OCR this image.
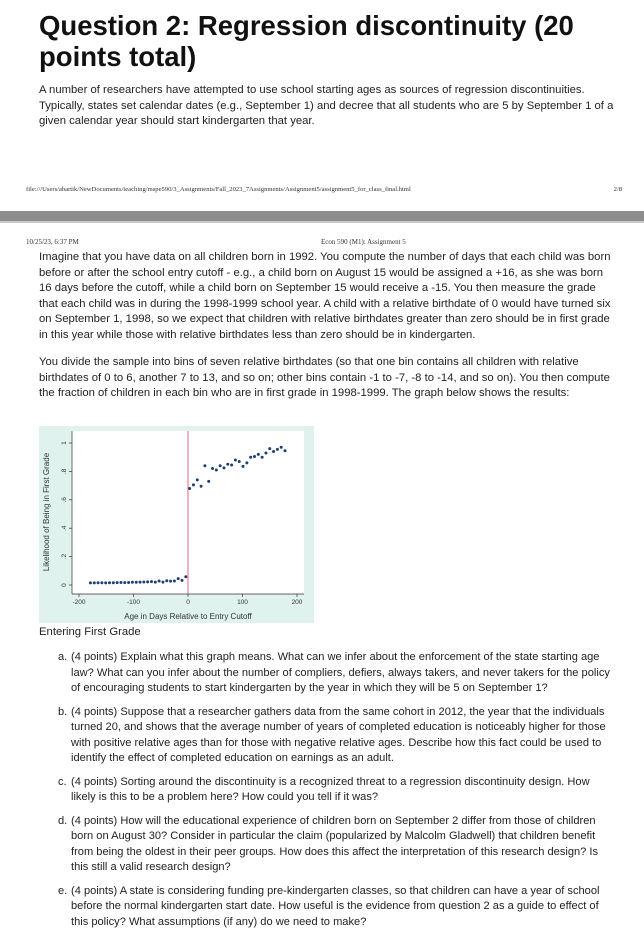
Question 2: Regression discontinuity (20 points total)
A number of researchers have attempted to use school starting ages as sources of regression discontinuities. Typically, states set calendar dates (e.g., September 1) and decree that all students who are 5 by September 1 of a given calendar year should start kindergarten that year.
file:///Users/abartik/NewDocuments/teaching/mspe590/3_Assignments/Fall_2023_7Assignments/Assignment5/assignment5_for_class_final.html	2/8
10/25/23, 6:37 PM	Econ 590 (M1): Assignment 5

Imagine that you have data on all children born in 1992. You compute the number of days that each child was born before or after the school entry cutoff - e.g., a child born on August 15 would be assigned a +16, as she was born 16 days before the cutoff, while a child born on September 15 would receive a -15. You then measure the grade that each child was in during the 1998-1999 school year. A child with a relative birthdate of 0 would have turned six on September 1, 1998, so we expect that children with relative birthdates greater than zero should be in first grade in this year while those with relative birthdates less than zero should be in kindergarten.

You divide the sample into bins of seven relative birthdates (so that one bin contains all children with relative birthdates of 0 to 6, another 7 to 13, and so on; other bins contain -1 to -7, -8 to -14, and so on). You then compute the fraction of children in each bin who are in first grade in 1998-1999. The graph below shows the results:

0
.2
.4
.6
.8
1
-200	-100	0	100	200
Likelihood of Being in First Grade
Age in Days Relative to Entry Cutoff
Entering First Grade
a. (4 points) Explain what this graph means. What can we infer about the enforcement of the state starting age law? What can you infer about the number of compliers, defiers, always takers, and never takers for the policy of encouraging students to start kindergarten by the year in which they will be 5 on September 1?
b. (4 points) Suppose that a researcher gathers data from the same cohort in 2012, the year that the individuals turned 20, and shows that the average number of years of completed education is noticeably higher for those with positive relative ages than for those with negative relative ages. Describe how this fact could be used to identify the effect of completed education on earnings as an adult.
c. (4 points) Sorting around the discontinuity is a recognized threat to a regression discontinuity design. How likely is this to be a problem here? How could you tell if it was?
d. (4 points) How will the educational experience of children born on September 2 differ from those of children born on August 30? Consider in particular the claim (popularized by Malcolm Gladwell) that children benefit from being the oldest in their peer groups. How does this affect the interpretation of this research design? Is this still a valid research design?
e. (4 points) A state is considering funding pre-kindergarten classes, so that children can have a year of school before the normal kindergarten start date. How useful is the evidence from question 2 as a guide to effect of this policy? What assumptions (if any) do we need to make?
